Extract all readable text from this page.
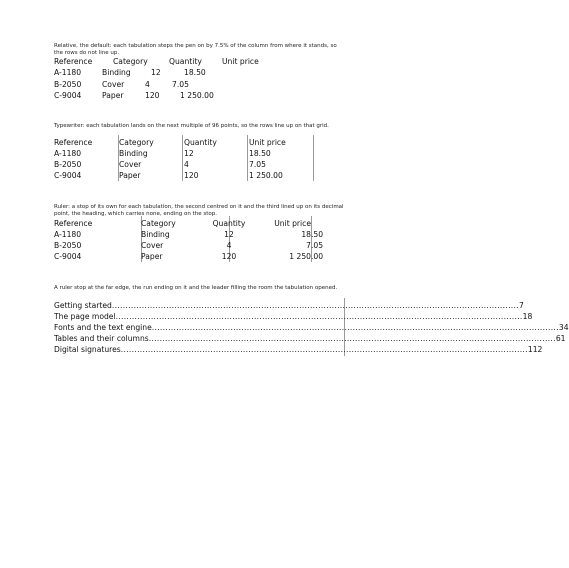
Relative, the default: each tabulation steps the pen on by 7.5% of the column from where it stands, so the rows do not line up.
Reference	Category	Quantity	Unit price
A-1180	Binding	12	18.50
B-2050	Cover	4	7.05
C-9004	Paper	120	1 250.00
Typewriter: each tabulation lands on the next multiple of 96 points, so the rows line up on that grid.
Reference	Category	Quantity	Unit price
A-1180	Binding	12	18.50
B-2050	Cover	4	7.05
C-9004	Paper	120	1 250.00
Ruler: a stop of its own for each tabulation, the second centred on it and the third lined up on its decimal point, the heading, which carries none, ending on the stop.
Reference	Category	Quantity	Unit price
A-1180	Binding	12	18 .50
B-2050	Cover	4	7 .05
C-9004	Paper	120	1 250 .00
A ruler stop at the far edge, the run ending on it and the leader filling the room the tabulation opened.
Getting started ...................................................................................................................................................... 7
The page model ...................................................................................................................................................... 18
Fonts and the text engine ...................................................................................................................................................... 34
Tables and their columns ...................................................................................................................................................... 61
Digital signatures ...................................................................................................................................................... 112
